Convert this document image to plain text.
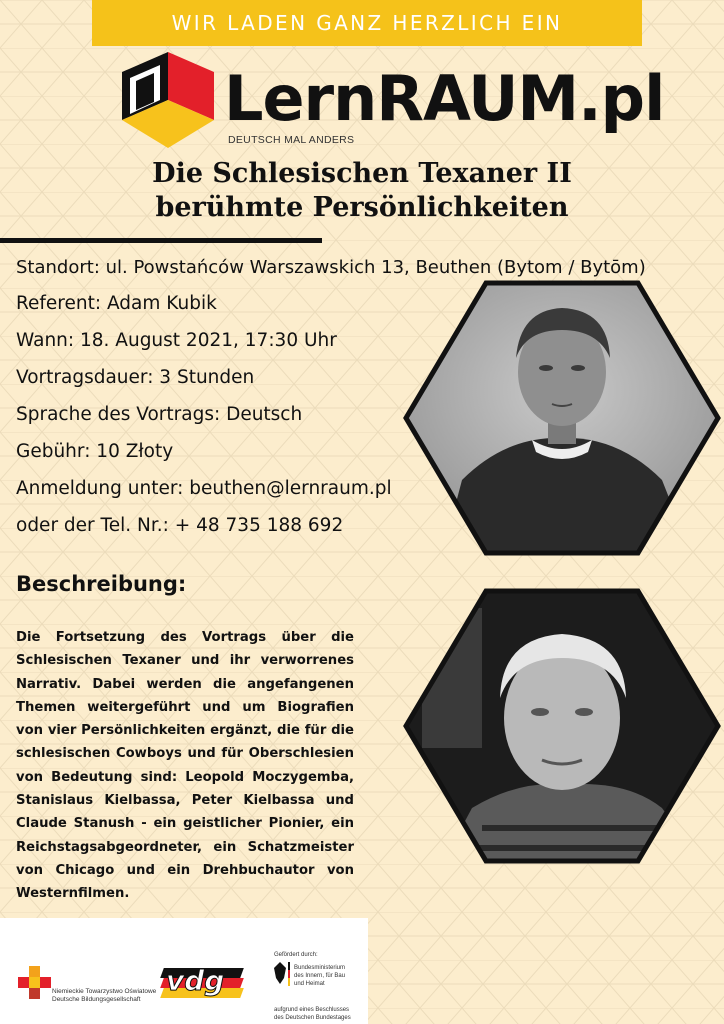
WIR LADEN GANZ HERZLICH EIN
LernRAUM.pl
DEUTSCH MAL ANDERS
Die Schlesischen Texaner II
berühmte Persönlichkeiten
Standort: ul. Powstańców Warszawskich 13, Beuthen (Bytom / Bytōm)
Referent: Adam Kubik
Wann: 18. August 2021, 17:30 Uhr
Vortragsdauer: 3 Stunden
Sprache des Vortrags: Deutsch
Gebühr: 10 Złoty
Anmeldung unter: beuthen@lernraum.pl
oder der Tel. Nr.: + 48 735 188 692
Beschreibung:
Die Fortsetzung des Vortrags über die Schlesischen Texaner und ihr verworrenes Narrativ. Dabei werden die angefangenen Themen weitergeführt und um Biografien von vier Persönlichkeiten ergänzt, die für die schlesischen Cowboys und für Oberschlesien von Bedeutung sind: Leopold Moczygemba, Stanislaus Kielbassa, Peter Kielbassa und Claude Stanush - ein geistlicher Pionier, ein Reichstagsabgeordneter, ein Schatzmeister von Chicago und ein Drehbuchautor von Westernfilmen.
Niemieckie Towarzystwo Oświatowe
Deutsche Bildungsgesellschaft
vdg
Gefördert durch:
Bundesministerium
des Innern, für Bau
und Heimat
aufgrund eines Beschlusses
des Deutschen Bundestages
